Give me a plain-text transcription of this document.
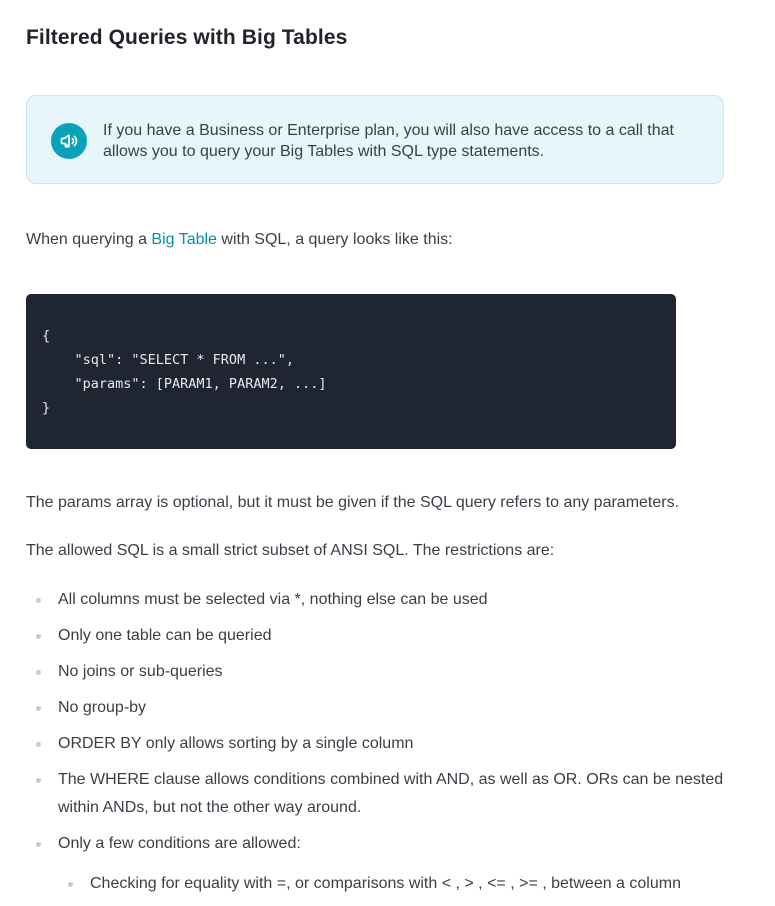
Filtered Queries with Big Tables
If you have a Business or Enterprise plan, you will also have access to a call that allows you to query your Big Tables with SQL type statements.

When querying a Big Table with SQL, a query looks like this:

{
"sql": "SELECT * FROM ...",
"params": [PARAM1, PARAM2, ...]
}

The params array is optional, but it must be given if the SQL query refers to any parameters.

The allowed SQL is a small strict subset of ANSI SQL. The restrictions are:

All columns must be selected via *, nothing else can be used
Only one table can be queried
No joins or sub-queries
No group-by
ORDER BY only allows sorting by a single column
The WHERE clause allows conditions combined with AND, as well as OR. ORs can be nested within ANDs, but not the other way around.
Only a few conditions are allowed:
Checking for equality with =, or comparisons with < , > , <= , >= , between a column
